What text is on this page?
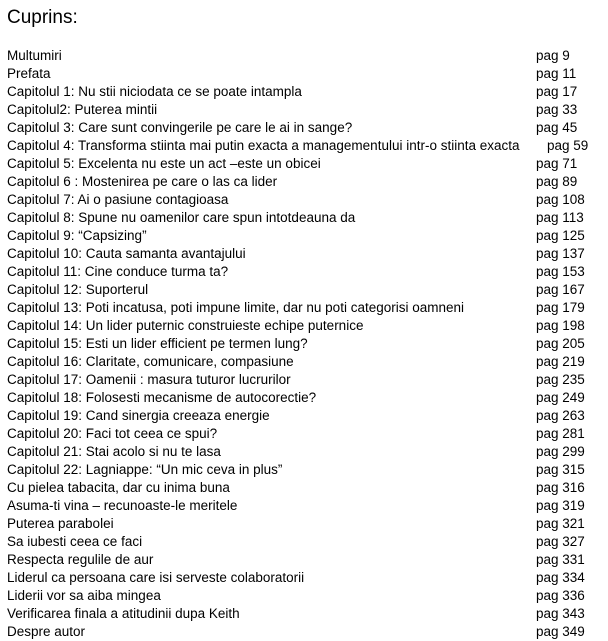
Cuprins:
Multumiri	pag 9
Prefata	pag 11
Capitolul 1: Nu stii niciodata ce se poate intampla	pag 17
Capitolul2: Puterea mintii	pag 33
Capitolul 3: Care sunt convingerile pe care le ai in sange?	pag 45
Capitolul 4: Transforma stiinta mai putin exacta a managementului intr-o stiinta exacta pag 59
Capitolul 5: Excelenta nu este un act –este un obicei	pag 71
Capitolul 6 : Mostenirea pe care o las ca lider	pag 89
Capitolul 7: Ai o pasiune contagioasa	pag 108
Capitolul 8: Spune nu oamenilor care spun intotdeauna da	pag 113
Capitolul 9: “Capsizing”	pag 125
Capitolul 10: Cauta samanta avantajului	pag 137
Capitolul 11: Cine conduce turma ta?	pag 153
Capitolul 12: Suporterul	pag 167
Capitolul 13: Poti incatusa, poti impune limite, dar nu poti categorisi oamneni	pag 179
Capitolul 14: Un lider puternic construieste echipe puternice	pag 198
Capitolul 15: Esti un lider efficient pe termen lung?	pag 205
Capitolul 16: Claritate, comunicare, compasiune	pag 219
Capitolul 17: Oamenii : masura tuturor lucrurilor	pag 235
Capitolul 18: Folosesti mecanisme de autocorectie?	pag 249
Capitolul 19: Cand sinergia creeaza energie	pag 263
Capitolul 20: Faci tot ceea ce spui?	pag 281
Capitolul 21: Stai acolo si nu te lasa	pag 299
Capitolul 22: Lagniappe: “Un mic ceva in plus”	pag 315
Cu pielea tabacita, dar cu inima buna	pag 316
Asuma-ti vina – recunoaste-le meritele	pag 319
Puterea parabolei	pag 321
Sa iubesti ceea ce faci	pag 327
Respecta regulile de aur	pag 331
Liderul ca persoana care isi serveste colaboratorii	pag 334
Liderii vor sa aiba mingea	pag 336
Verificarea finala a atitudinii dupa Keith	pag 343
Despre autor	pag 349
